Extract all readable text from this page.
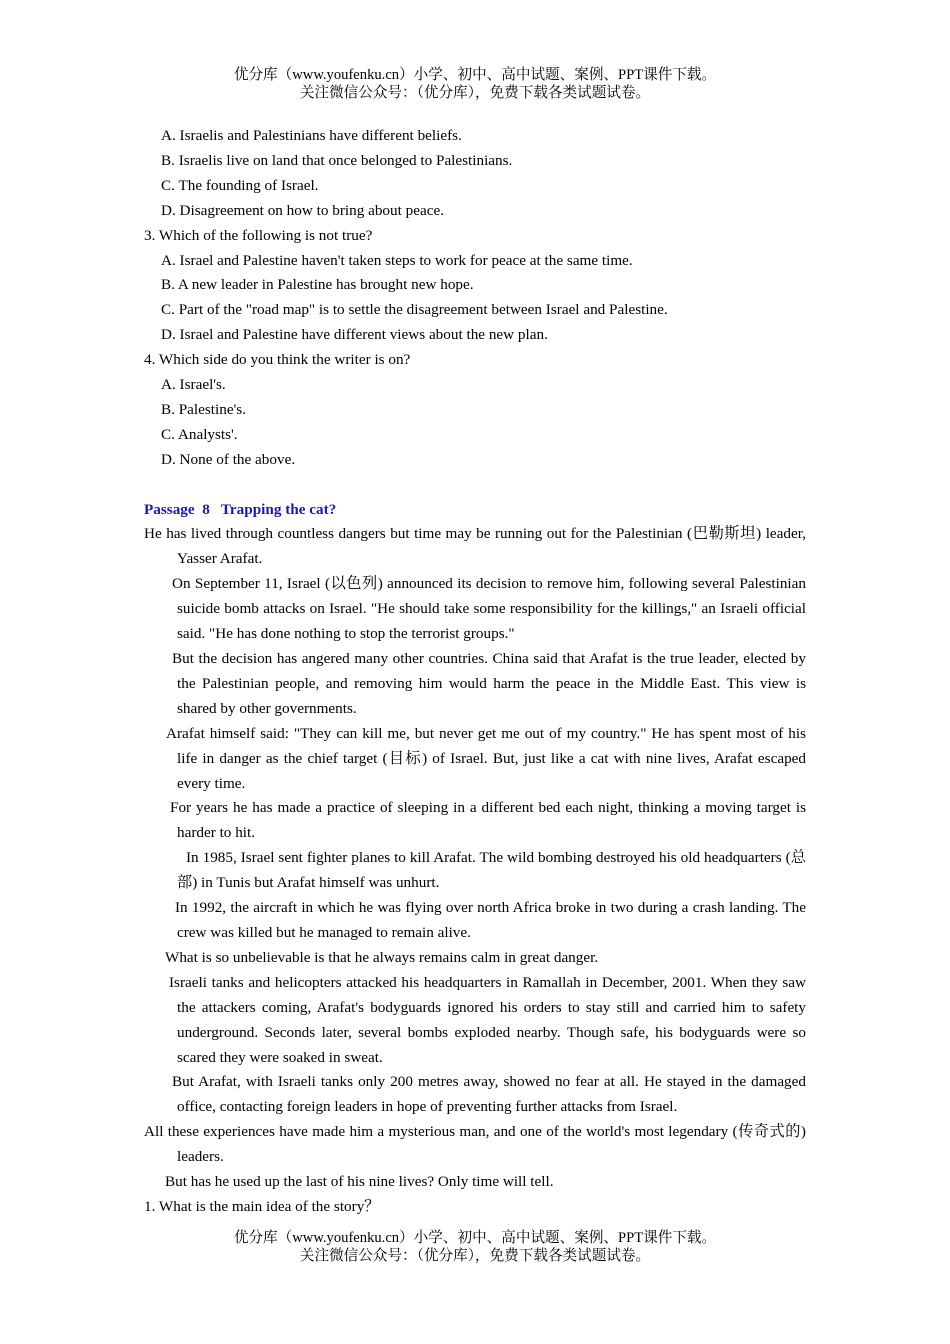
优分库（www.youfenku.cn）小学、初中、高中试题、案例、PPT课件下载。
关注微信公众号：（优分库），免费下载各类试题试卷。
A. Israelis and Palestinians have different beliefs.
B. Israelis live on land that once belonged to Palestinians.
C. The founding of Israel.
D. Disagreement on how to bring about peace.
3. Which of the following is not true?
A. Israel and Palestine haven't taken steps to work for peace at the same time.
B. A new leader in Palestine has brought new hope.
C. Part of the "road map" is to settle the disagreement between Israel and Palestine.
D. Israel and Palestine have different views about the new plan.
4. Which side do you think the writer is on?
A. Israel's.
B. Palestine's.
C. Analysts'.
D. None of the above.
Passage  8   Trapping the cat?
He has lived through countless dangers but time may be running out for the Palestinian (巴勒斯坦) leader, Yasser Arafat.
On September 11, Israel (以色列) announced its decision to remove him, following several Palestinian suicide bomb attacks on Israel. "He should take some responsibility for the killings," an Israeli official said. "He has done nothing to stop the terrorist groups."
But the decision has angered many other countries. China said that Arafat is the true leader, elected by the Palestinian people, and removing him would harm the peace in the Middle East. This view is shared by other governments.
Arafat himself said: "They can kill me, but never get me out of my country." He has spent most of his life in danger as the chief target (目标) of Israel. But, just like a cat with nine lives, Arafat escaped every time.
For years he has made a practice of sleeping in a different bed each night, thinking a moving target is harder to hit.
In 1985, Israel sent fighter planes to kill Arafat. The wild bombing destroyed his old headquarters (总部) in Tunis but Arafat himself was unhurt.
In 1992, the aircraft in which he was flying over north Africa broke in two during a crash landing. The crew was killed but he managed to remain alive.
What is so unbelievable is that he always remains calm in great danger.
Israeli tanks and helicopters attacked his headquarters in Ramallah in December, 2001. When they saw the attackers coming, Arafat's bodyguards ignored his orders to stay still and carried him to safety underground. Seconds later, several bombs exploded nearby. Though safe, his bodyguards were so scared they were soaked in sweat.
But Arafat, with Israeli tanks only 200 metres away, showed no fear at all. He stayed in the damaged office, contacting foreign leaders in hope of preventing further attacks from Israel.
All these experiences have made him a mysterious man, and one of the world's most legendary (传奇式的) leaders.
But has he used up the last of his nine lives? Only time will tell.
1. What is the main idea of the story？
优分库（www.youfenku.cn）小学、初中、高中试题、案例、PPT课件下载。
关注微信公众号：（优分库），免费下载各类试题试卷。
